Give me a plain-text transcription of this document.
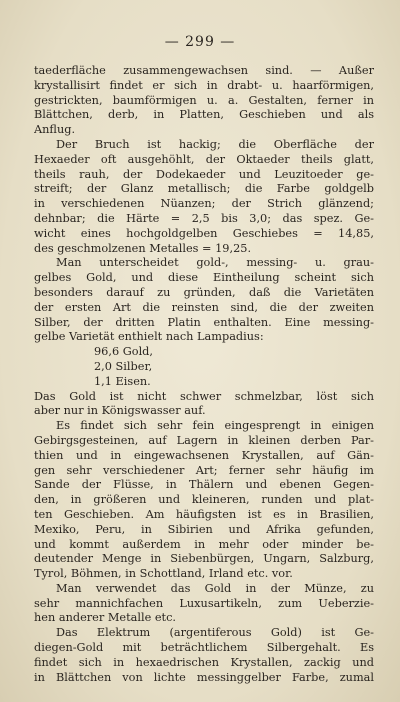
— 299 —
taederfläche zusammengewachsen sind. — Außer
krystallisirt findet er sich in drabt- u. haarförmigen,
gestrickten, baumförmigen u. a. Gestalten, ferner in
Blättchen, derb, in Platten, Geschieben und als
Anflug.
Der Bruch ist hackig; die Oberfläche der
Hexaeder oft ausgehöhlt, der Oktaeder theils glatt,
theils rauh, der Dodekaeder und Leuzitoeder ge-
streift; der Glanz metallisch; die Farbe goldgelb
in verschiedenen Nüanzen; der Strich glänzend;
dehnbar; die Härte = 2,5 bis 3,0; das spez. Ge-
wicht eines hochgoldgelben Geschiebes = 14,85,
des geschmolzenen Metalles = 19,25.
Man unterscheidet gold-, messing- u. grau-
gelbes Gold, und diese Eintheilung scheint sich
besonders darauf zu gründen, daß die Varietäten
der ersten Art die reinsten sind, die der zweiten
Silber, der dritten Platin enthalten. Eine messing-
gelbe Varietät enthielt nach Lampadius:
96,6 Gold,
2,0 Silber,
1,1 Eisen.
Das Gold ist nicht schwer schmelzbar, löst sich
aber nur in Königswasser auf.
Es findet sich sehr fein eingesprengt in einigen
Gebirgsgesteinen, auf Lagern in kleinen derben Par-
thien und in eingewachsenen Krystallen, auf Gän-
gen sehr verschiedener Art; ferner sehr häufig im
Sande der Flüsse, in Thälern und ebenen Gegen-
den, in größeren und kleineren, runden und plat-
ten Geschieben. Am häufigsten ist es in Brasilien,
Mexiko, Peru, in Sibirien und Afrika gefunden,
und kommt außerdem in mehr oder minder be-
deutender Menge in Siebenbürgen, Ungarn, Salzburg,
Tyrol, Böhmen, in Schottland, Irland etc. vor.
Man verwendet das Gold in der Münze, zu
sehr mannichfachen Luxusartikeln, zum Ueberzie-
hen anderer Metalle etc.
Das Elektrum (argentiferous Gold) ist Ge-
diegen-Gold mit beträchtlichem Silbergehalt. Es
findet sich in hexaedrischen Krystallen, zackig und
in Blättchen von lichte messinggelber Farbe, zumal
